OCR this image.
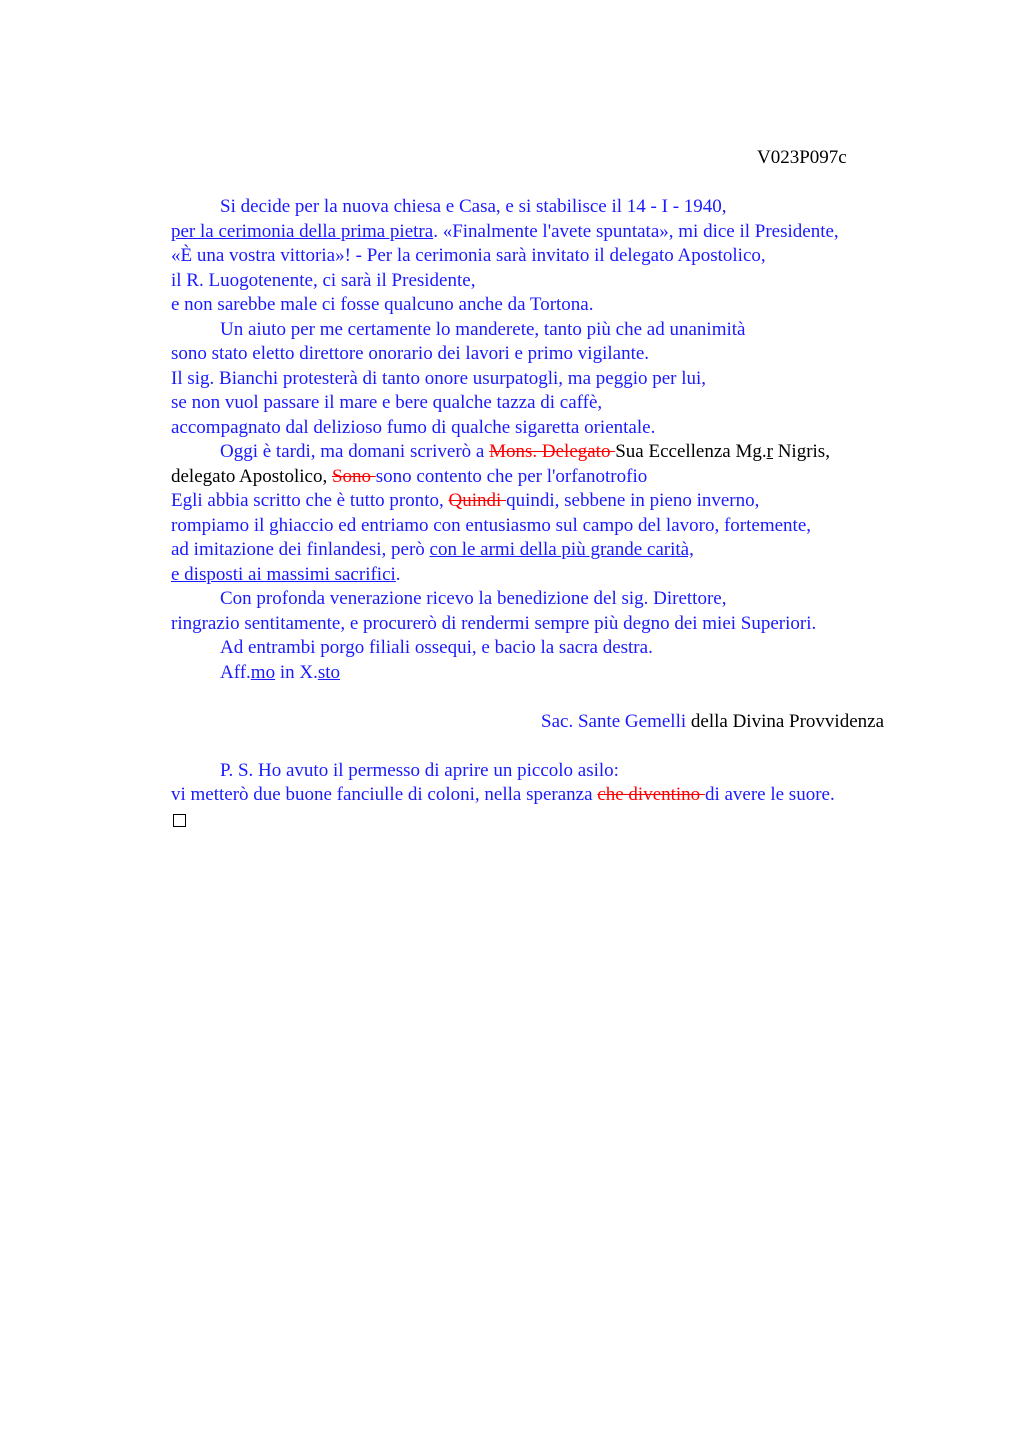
V023P097c
Si decide per la nuova chiesa e Casa, e si stabilisce il 14 - I - 1940,
per la cerimonia della prima pietra. «Finalmente l'avete spuntata», mi dice il Presidente,
«È una vostra vittoria»! - Per la cerimonia sarà invitato il delegato Apostolico,
il R. Luogotenente, ci sarà il Presidente,
e non sarebbe male ci fosse qualcuno anche da Tortona.
Un aiuto per me certamente lo manderete, tanto più che ad unanimità
sono stato eletto direttore onorario dei lavori e primo vigilante.
Il sig. Bianchi protesterà di tanto onore usurpatogli, ma peggio per lui,
se non vuol passare il mare e bere qualche tazza di caffè,
accompagnato dal delizioso fumo di qualche sigaretta orientale.
Oggi è tardi, ma domani scriverò a Mons. Delegato Sua Eccellenza Mg.r Nigris,
delegato Apostolico, Sono sono contento che per l'orfanotrofio
Egli abbia scritto che è tutto pronto, Quindi quindi, sebbene in pieno inverno,
rompiamo il ghiaccio ed entriamo con entusiasmo sul campo del lavoro, fortemente,
ad imitazione dei finlandesi, però con le armi della più grande carità,
e disposti ai massimi sacrifici.
Con profonda venerazione ricevo la benedizione del sig. Direttore,
ringrazio sentitamente, e procurerò di rendermi sempre più degno dei miei Superiori.
Ad entrambi porgo filiali ossequi, e bacio la sacra destra.
Aff.mo in X.sto
Sac. Sante Gemelli della Divina Provvidenza
P. S. Ho avuto il permesso di aprire un piccolo asilo:
vi metterò due buone fanciulle di coloni, nella speranza che diventino di avere le suore.
